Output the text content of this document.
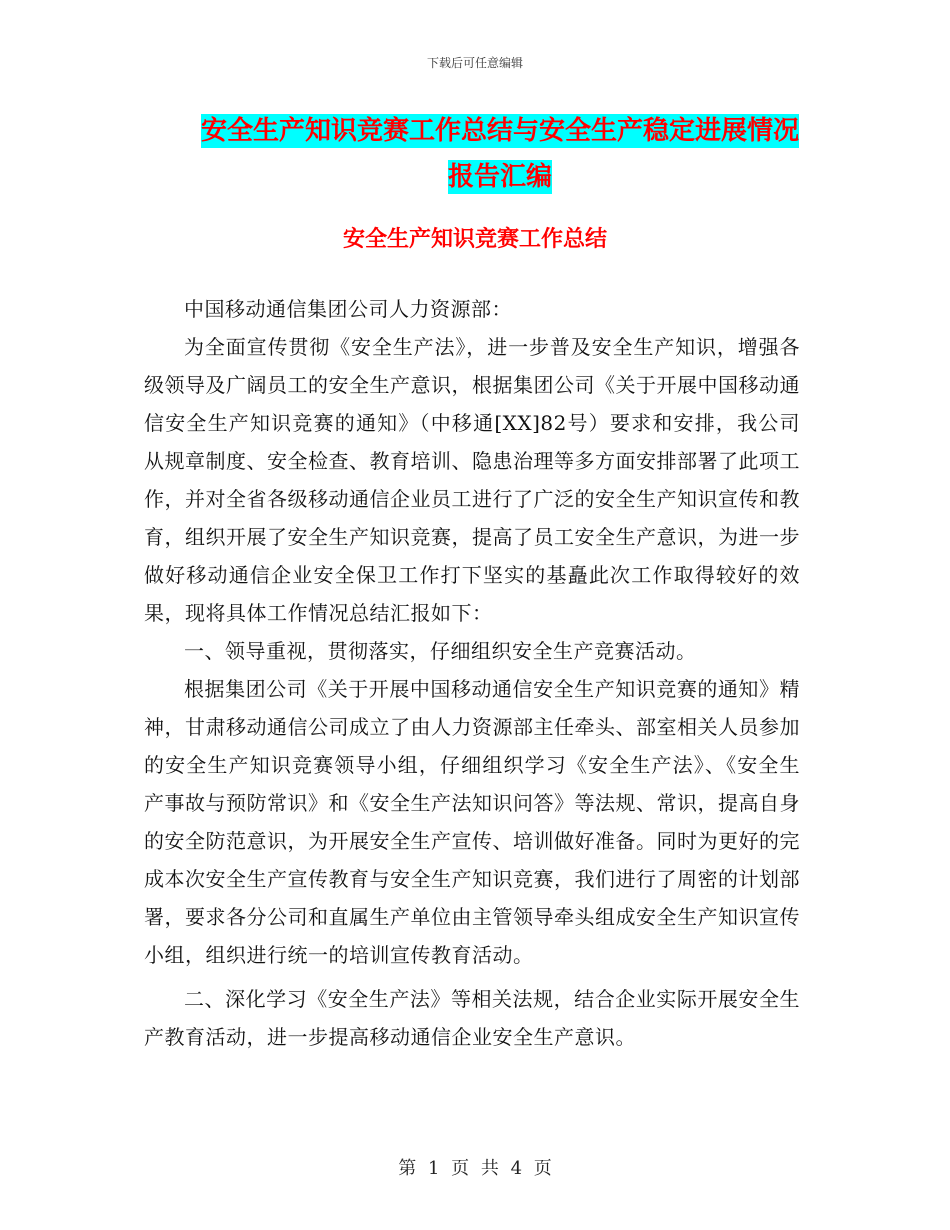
下载后可任意编辑
安全生产知识竞赛工作总结与安全生产稳定进展情况
报告汇编
安全生产知识竞赛工作总结

中国移动通信集团公司人力资源部：

为全面宣传贯彻《安全生产法》，进一步普及安全生产知识，增强各级领导及广阔员工的安全生产意识，根据集团公司《关于开展中国移动通信安全生产知识竞赛的通知》（中移通[XX]82号）要求和安排，我公司从规章制度、安全检查、教育培训、隐患治理等多方面安排部署了此项工作，并对全省各级移动通信企业员工进行了广泛的安全生产知识宣传和教育，组织开展了安全生产知识竞赛，提高了员工安全生产意识，为进一步做好移动通信企业安全保卫工作打下坚实的基矗此次工作取得较好的效果，现将具体工作情况总结汇报如下：

一、领导重视，贯彻落实，仔细组织安全生产竞赛活动。

根据集团公司《关于开展中国移动通信安全生产知识竞赛的通知》精神，甘肃移动通信公司成立了由人力资源部主任牵头、部室相关人员参加的安全生产知识竞赛领导小组，仔细组织学习《安全生产法》、《安全生产事故与预防常识》和《安全生产法知识问答》等法规、常识，提高自身的安全防范意识，为开展安全生产宣传、培训做好准备。同时为更好的完成本次安全生产宣传教育与安全生产知识竞赛，我们进行了周密的计划部署，要求各分公司和直属生产单位由主管领导牵头组成安全生产知识宣传小组，组织进行统一的培训宣传教育活动。

二、深化学习《安全生产法》等相关法规，结合企业实际开展安全生产教育活动，进一步提高移动通信企业安全生产意识。

第 1 页 共 4 页
